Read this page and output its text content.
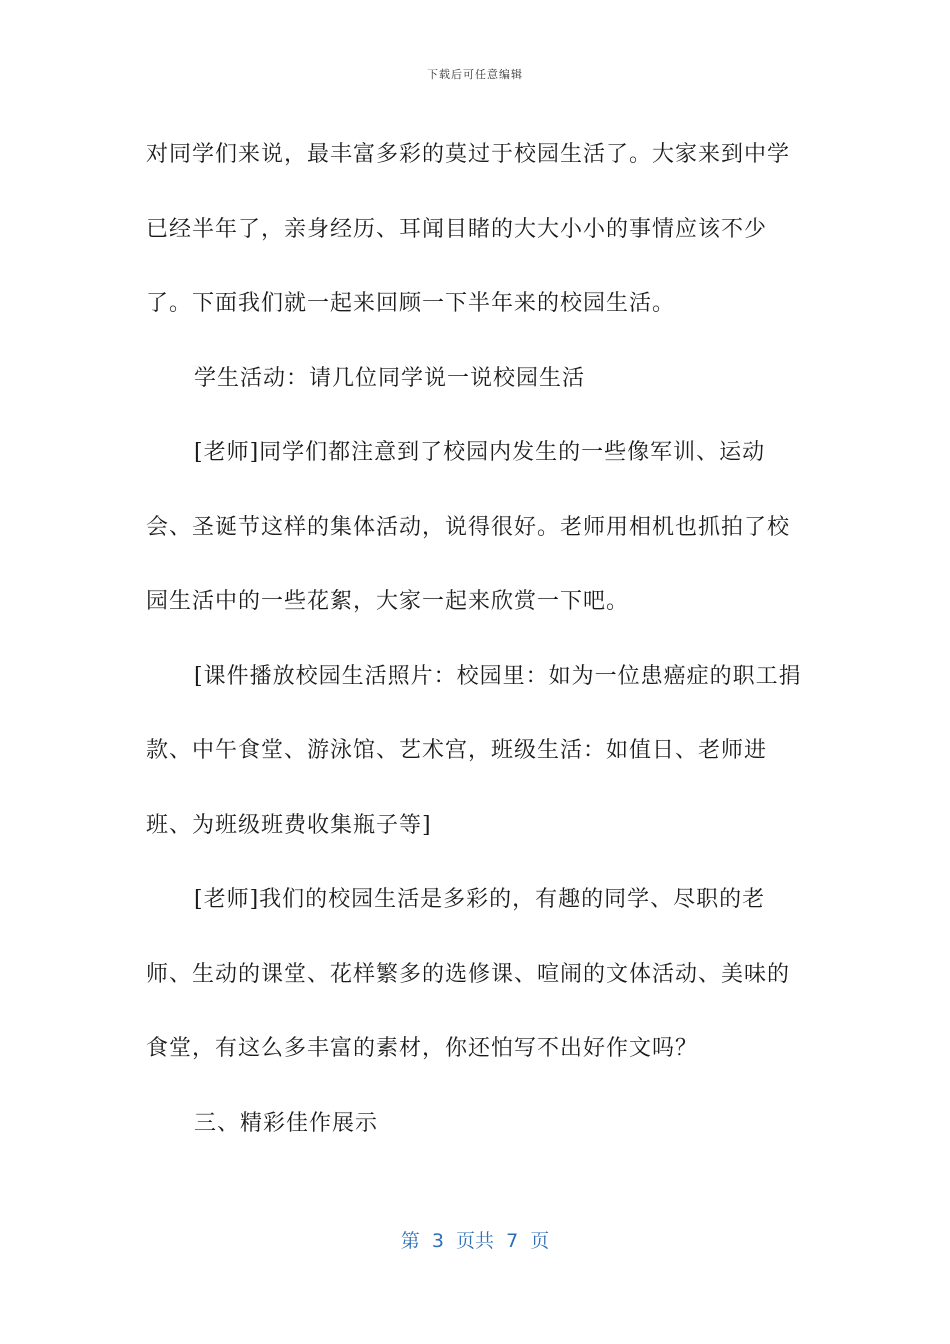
下载后可任意编辑

对同学们来说，最丰富多彩的莫过于校园生活了。大家来到中学已经半年了，亲身经历、耳闻目睹的大大小小的事情应该不少了。下面我们就一起来回顾一下半年来的校园生活。

学生活动：请几位同学说一说校园生活

[老师]同学们都注意到了校园内发生的一些像军训、运动会、圣诞节这样的集体活动，说得很好。老师用相机也抓拍了校园生活中的一些花絮，大家一起来欣赏一下吧。

[课件播放校园生活照片：校园里：如为一位患癌症的职工捐款、中午食堂、游泳馆、艺术宫，班级生活：如值日、老师进班、为班级班费收集瓶子等]

[老师]我们的校园生活是多彩的，有趣的同学、尽职的老师、生动的课堂、花样繁多的选修课、喧闹的文体活动、美味的食堂，有这么多丰富的素材，你还怕写不出好作文吗？

三、精彩佳作展示

第  3  页共  7  页
